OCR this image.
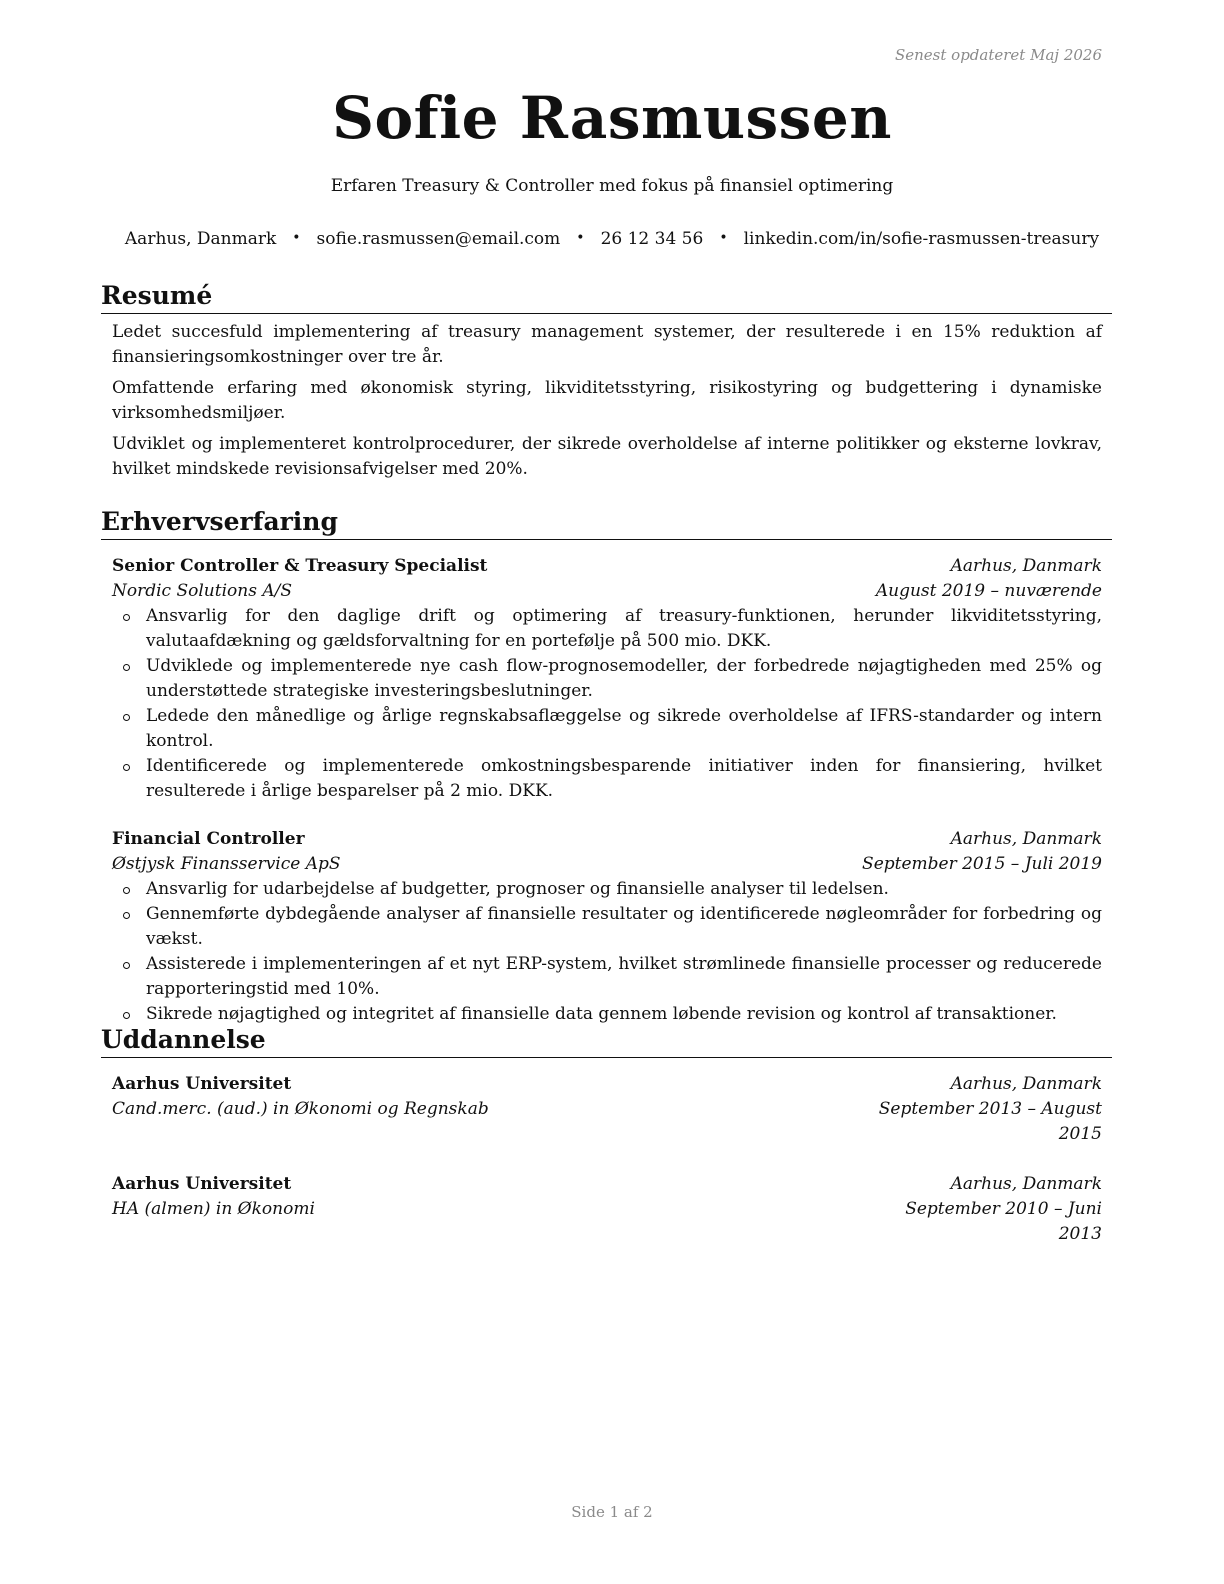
Senest opdateret Maj 2026
Sofie Rasmussen
Erfaren Treasury & Controller med fokus på finansiel optimering
Aarhus, Danmark • sofie.rasmussen@email.com • 26 12 34 56 • linkedin.com/in/sofie-rasmussen-treasury
Resumé

Ledet succesfuld implementering af treasury management systemer, der resulterede i en 15% reduktion af finansieringsomkostninger over tre år.

Omfattende erfaring med økonomisk styring, likviditetsstyring, risikostyring og budgettering i dynamiske virksomhedsmiljøer.

Udviklet og implementeret kontrolprocedurer, der sikrede overholdelse af interne politikker og eksterne lovkrav, hvilket mindskede revisionsafvigelser med 20%.

Erhvervserfaring
Senior Controller & Treasury Specialist	Aarhus, Danmark
Nordic Solutions A/S	August 2019 – nuværende
Ansvarlig for den daglige drift og optimering af treasury-funktionen, herunder likviditetsstyring, valutaafdækning og gældsforvaltning for en portefølje på 500 mio. DKK.
Udviklede og implementerede nye cash flow-prognosemodeller, der forbedrede nøjagtigheden med 25% og understøttede strategiske investeringsbeslutninger.
Ledede den månedlige og årlige regnskabsaflæggelse og sikrede overholdelse af IFRS-standarder og intern kontrol.
Identificerede og implementerede omkostningsbesparende initiativer inden for finansiering, hvilket resulterede i årlige besparelser på 2 mio. DKK.
Financial Controller	Aarhus, Danmark
Østjysk Finansservice ApS	September 2015 – Juli 2019
Ansvarlig for udarbejdelse af budgetter, prognoser og finansielle analyser til ledelsen.
Gennemførte dybdegående analyser af finansielle resultater og identificerede nøgleområder for forbedring og vækst.
Assisterede i implementeringen af et nyt ERP-system, hvilket strømlinede finansielle processer og reducerede rapporteringstid med 10%.
Sikrede nøjagtighed og integritet af finansielle data gennem løbende revision og kontrol af transaktioner.
Uddannelse
Aarhus Universitet	Aarhus, Danmark
Cand.merc. (aud.) in Økonomi og Regnskab	September 2013 – August
2015
Aarhus Universitet	Aarhus, Danmark
HA (almen) in Økonomi	September 2010 – Juni
2013
Side 1 af 2
